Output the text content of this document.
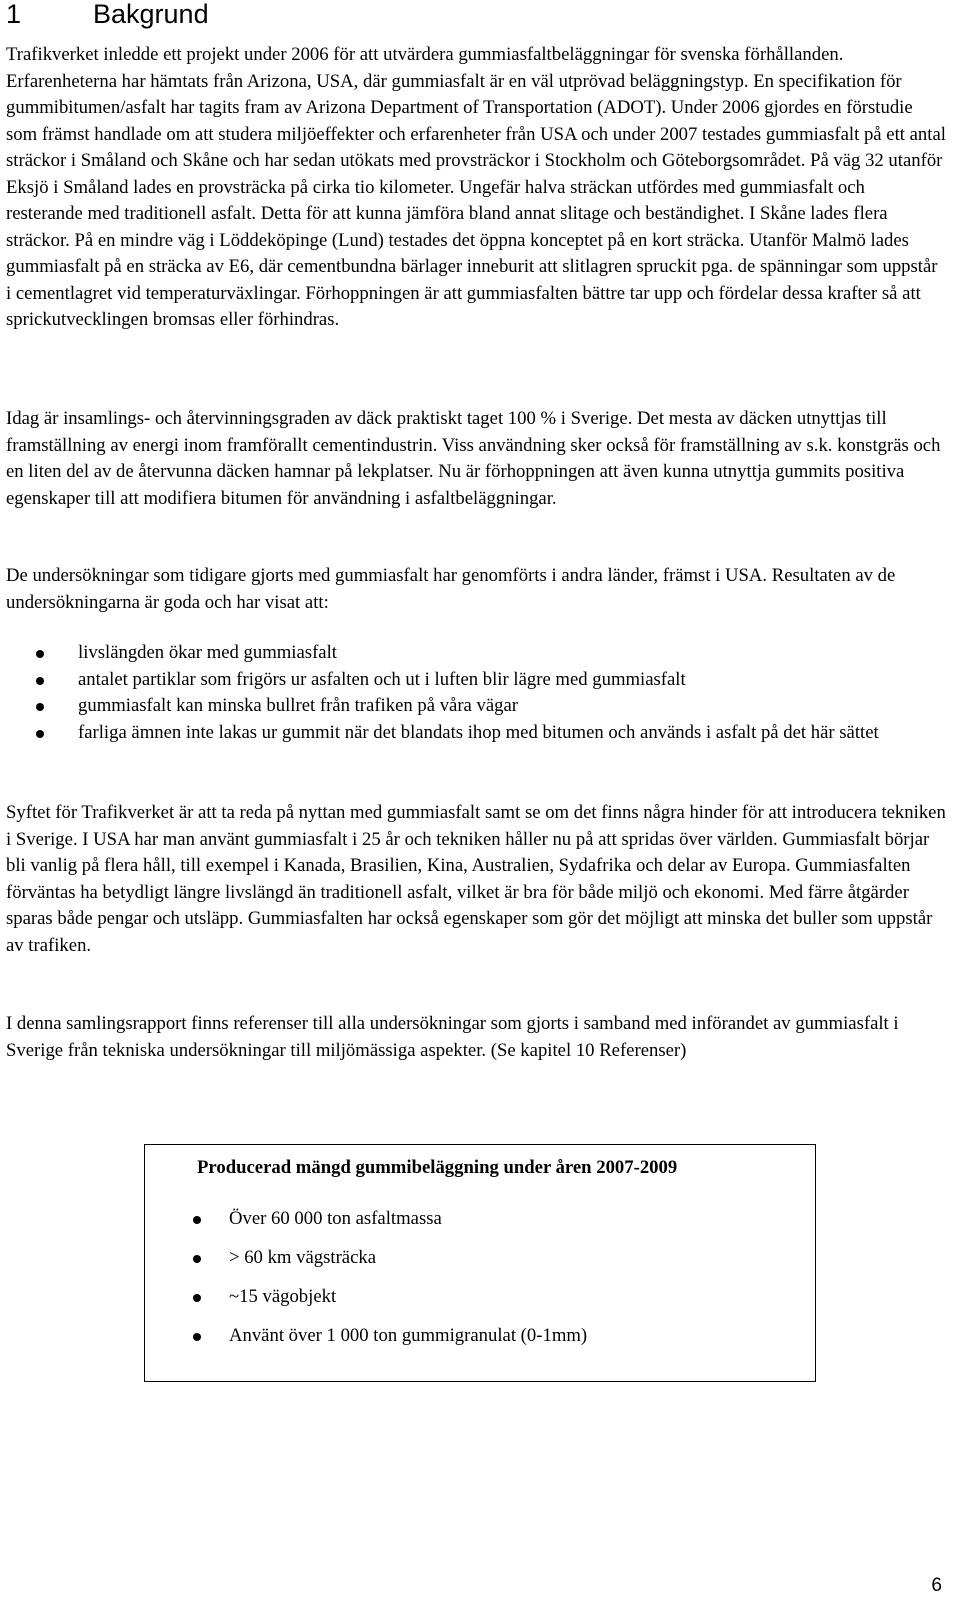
1	Bakgrund

Trafikverket inledde ett projekt under 2006 för att utvärdera gummiasfaltbeläggningar för svenska förhållanden. Erfarenheterna har hämtats från Arizona, USA, där gummiasfalt är en väl utprövad beläggningstyp. En specifikation för gummibitumen/asfalt har tagits fram av Arizona Department of Transportation (ADOT). Under 2006 gjordes en förstudie som främst handlade om att studera miljöeffekter och erfarenheter från USA och under 2007 testades gummiasfalt på ett antal sträckor i Småland och Skåne och har sedan utökats med provsträckor i Stockholm och Göteborgsområdet. På väg 32 utanför Eksjö i Småland lades en provsträcka på cirka tio kilometer. Ungefär halva sträckan utfördes med gummiasfalt och resterande med traditionell asfalt. Detta för att kunna jämföra bland annat slitage och beständighet. I Skåne lades flera sträckor. På en mindre väg i Löddeköpinge (Lund) testades det öppna konceptet på en kort sträcka. Utanför Malmö lades gummiasfalt på en sträcka av E6, där cementbundna bärlager inneburit att slitlagren spruckit pga. de spänningar som uppstår i cementlagret vid temperaturväxlingar. Förhoppningen är att gummiasfalten bättre tar upp och fördelar dessa krafter så att sprickutvecklingen bromsas eller förhindras.

Idag är insamlings- och återvinningsgraden av däck praktiskt taget 100 % i Sverige. Det mesta av däcken utnyttjas till framställning av energi inom framförallt cementindustrin. Viss användning sker också för framställning av s.k. konstgräs och en liten del av de återvunna däcken hamnar på lekplatser. Nu är förhoppningen att även kunna utnyttja gummits positiva egenskaper till att modifiera bitumen för användning i asfaltbeläggningar.

De undersökningar som tidigare gjorts med gummiasfalt har genomförts i andra länder, främst i USA. Resultaten av de undersökningarna är goda och har visat att:

livslängden ökar med gummiasfalt
antalet partiklar som frigörs ur asfalten och ut i luften blir lägre med gummiasfalt
gummiasfalt kan minska bullret från trafiken på våra vägar
farliga ämnen inte lakas ur gummit när det blandats ihop med bitumen och används i asfalt på det här sättet

Syftet för Trafikverket är att ta reda på nyttan med gummiasfalt samt se om det finns några hinder för att introducera tekniken i Sverige. I USA har man använt gummiasfalt i 25 år och tekniken håller nu på att spridas över världen. Gummiasfalt börjar bli vanlig på flera håll, till exempel i Kanada, Brasilien, Kina, Australien, Sydafrika och delar av Europa. Gummiasfalten förväntas ha betydligt längre livslängd än traditionell asfalt, vilket är bra för både miljö och ekonomi. Med färre åtgärder sparas både pengar och utsläpp. Gummiasfalten har också egenskaper som gör det möjligt att minska det buller som uppstår av trafiken.

I denna samlingsrapport finns referenser till alla undersökningar som gjorts i samband med införandet av gummiasfalt i Sverige från tekniska undersökningar till miljömässiga aspekter. (Se kapitel 10 Referenser)

Producerad mängd gummibeläggning under åren 2007-2009

Över 60 000 ton asfaltmassa
> 60 km vägsträcka
~15 vägobjekt
Använt över 1 000 ton gummigranulat (0-1mm)

6
